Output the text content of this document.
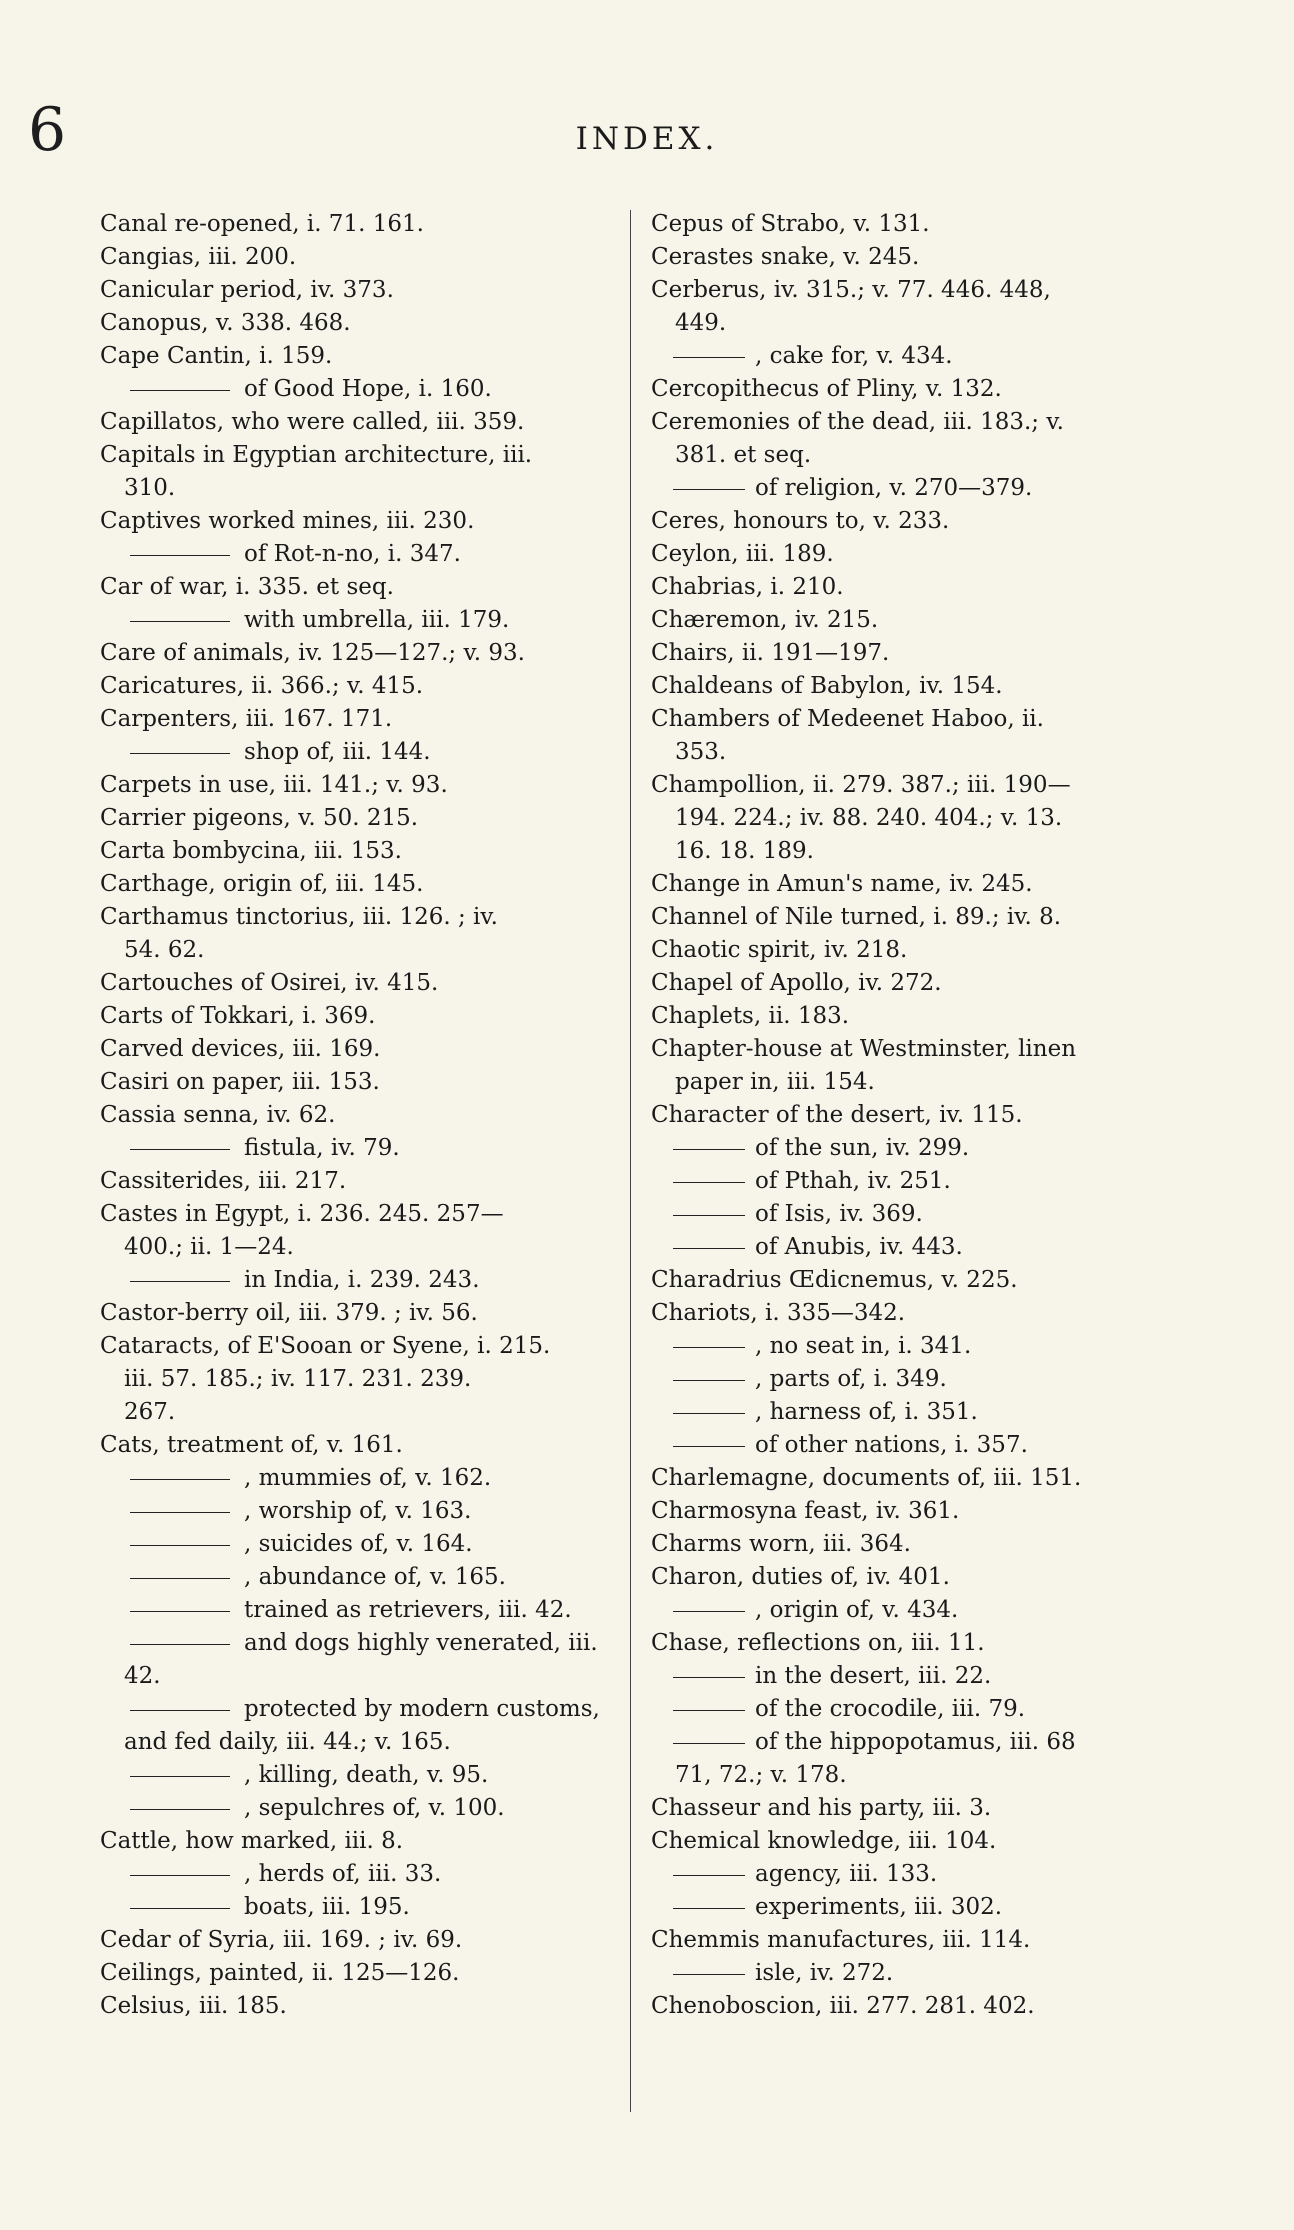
6	INDEX.
Canal re-opened, i. 71. 161.
Cangias, iii. 200.
Canicular period, iv. 373.
Canopus, v. 338. 468.
Cape Cantin, i. 159.
of Good Hope, i. 160.
Capillatos, who were called, iii. 359.
Capitals in Egyptian architecture, iii.
310.
Captives worked mines, iii. 230.
of Rot-n-no, i. 347.
Car of war, i. 335. et seq.
with umbrella, iii. 179.
Care of animals, iv. 125—127.; v. 93.
Caricatures, ii. 366.; v. 415.
Carpenters, iii. 167. 171.
shop of, iii. 144.
Carpets in use, iii. 141.; v. 93.
Carrier pigeons, v. 50. 215.
Carta bombycina, iii. 153.
Carthage, origin of, iii. 145.
Carthamus tinctorius, iii. 126. ; iv.
54. 62.
Cartouches of Osirei, iv. 415.
Carts of Tokkari, i. 369.
Carved devices, iii. 169.
Casiri on paper, iii. 153.
Cassia senna, iv. 62.
fistula, iv. 79.
Cassiterides, iii. 217.
Castes in Egypt, i. 236. 245. 257—
400.; ii. 1—24.
in India, i. 239. 243.
Castor-berry oil, iii. 379. ; iv. 56.
Cataracts, of E'Sooan or Syene, i. 215.
iii. 57. 185.; iv. 117. 231. 239.
267.
Cats, treatment of, v. 161.
, mummies of, v. 162.
, worship of, v. 163.
, suicides of, v. 164.
, abundance of, v. 165.
trained as retrievers, iii. 42.
and dogs highly venerated, iii.
42.
protected by modern customs,
and fed daily, iii. 44.; v. 165.
, killing, death, v. 95.
, sepulchres of, v. 100.
Cattle, how marked, iii. 8.
, herds of, iii. 33.
boats, iii. 195.
Cedar of Syria, iii. 169. ; iv. 69.
Ceilings, painted, ii. 125—126.
Celsius, iii. 185.
Cepus of Strabo, v. 131.
Cerastes snake, v. 245.
Cerberus, iv. 315.; v. 77. 446. 448,
449.
, cake for, v. 434.
Cercopithecus of Pliny, v. 132.
Ceremonies of the dead, iii. 183.; v.
381. et seq.
of religion, v. 270—379.
Ceres, honours to, v. 233.
Ceylon, iii. 189.
Chabrias, i. 210.
Chæremon, iv. 215.
Chairs, ii. 191—197.
Chaldeans of Babylon, iv. 154.
Chambers of Medeenet Haboo, ii.
353.
Champollion, ii. 279. 387.; iii. 190—
194. 224.; iv. 88. 240. 404.; v. 13.
16. 18. 189.
Change in Amun's name, iv. 245.
Channel of Nile turned, i. 89.; iv. 8.
Chaotic spirit, iv. 218.
Chapel of Apollo, iv. 272.
Chaplets, ii. 183.
Chapter-house at Westminster, linen
paper in, iii. 154.
Character of the desert, iv. 115.
of the sun, iv. 299.
of Pthah, iv. 251.
of Isis, iv. 369.
of Anubis, iv. 443.
Charadrius Œdicnemus, v. 225.
Chariots, i. 335—342.
, no seat in, i. 341.
, parts of, i. 349.
, harness of, i. 351.
of other nations, i. 357.
Charlemagne, documents of, iii. 151.
Charmosyna feast, iv. 361.
Charms worn, iii. 364.
Charon, duties of, iv. 401.
, origin of, v. 434.
Chase, reflections on, iii. 11.
in the desert, iii. 22.
of the crocodile, iii. 79.
of the hippopotamus, iii. 68
71, 72.; v. 178.
Chasseur and his party, iii. 3.
Chemical knowledge, iii. 104.
agency, iii. 133.
experiments, iii. 302.
Chemmis manufactures, iii. 114.
isle, iv. 272.
Chenoboscion, iii. 277. 281. 402.
